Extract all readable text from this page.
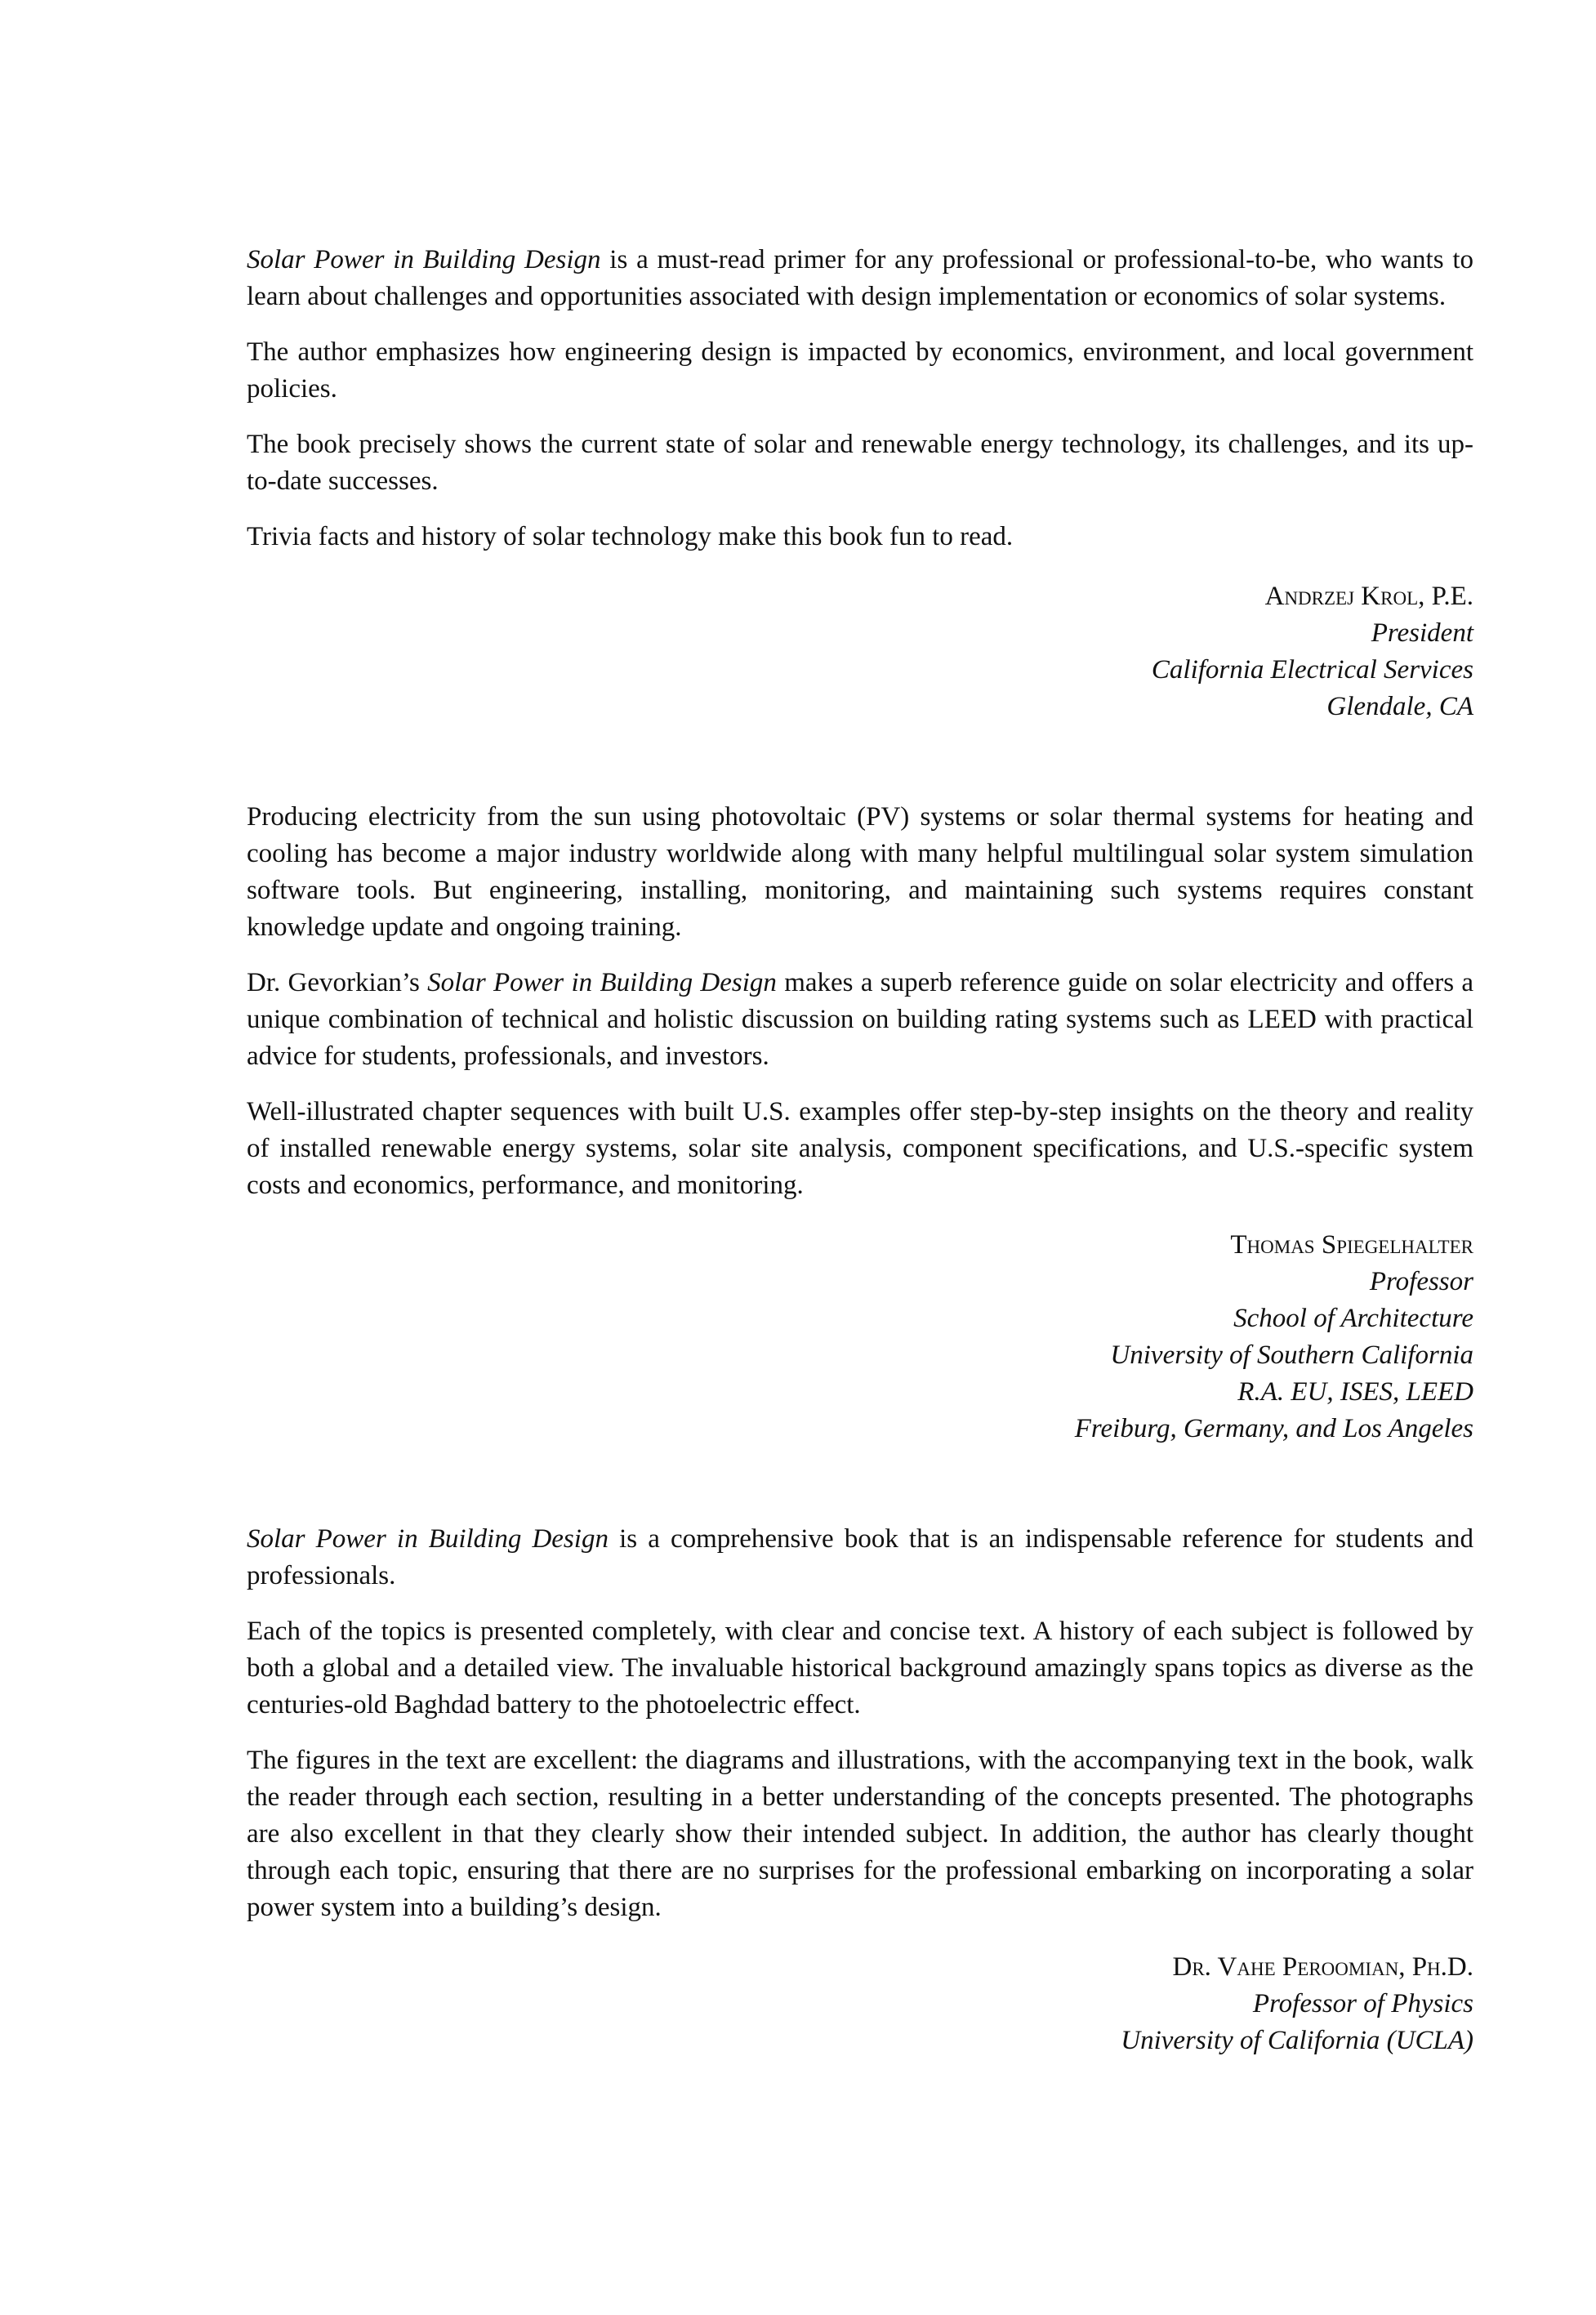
Solar Power in Building Design is a must-read primer for any professional or professional-to-be, who wants to learn about challenges and opportunities associated with design implementation or economics of solar systems.

The author emphasizes how engineering design is impacted by economics, environment, and local government policies.

The book precisely shows the current state of solar and renewable energy technology, its challenges, and its up-to-date successes.

Trivia facts and history of solar technology make this book fun to read.

Andrzej Krol, P.E.
President
California Electrical Services
Glendale, CA

Producing electricity from the sun using photovoltaic (PV) systems or solar thermal systems for heating and cooling has become a major industry worldwide along with many helpful multilingual solar system simulation software tools. But engineering, installing, monitoring, and maintaining such systems requires constant knowledge update and ongoing training.

Dr. Gevorkian’s Solar Power in Building Design makes a superb reference guide on solar electricity and offers a unique combination of technical and holistic discussion on building rating systems such as LEED with practical advice for students, professionals, and investors.

Well-illustrated chapter sequences with built U.S. examples offer step-by-step insights on the theory and reality of installed renewable energy systems, solar site analysis, component specifications, and U.S.-specific system costs and economics, performance, and monitoring.

Thomas Spiegelhalter
Professor
School of Architecture
University of Southern California
R.A. EU, ISES, LEED
Freiburg, Germany, and Los Angeles

Solar Power in Building Design is a comprehensive book that is an indispensable reference for students and professionals.

Each of the topics is presented completely, with clear and concise text. A history of each subject is followed by both a global and a detailed view. The invaluable historical background amazingly spans topics as diverse as the centuries-old Baghdad battery to the photoelectric effect.

The figures in the text are excellent: the diagrams and illustrations, with the accompanying text in the book, walk the reader through each section, resulting in a better understanding of the concepts presented. The photographs are also excellent in that they clearly show their intended subject. In addition, the author has clearly thought through each topic, ensuring that there are no surprises for the professional embarking on incorporating a solar power system into a building’s design.

Dr. Vahe Peroomian, Ph.D.
Professor of Physics
University of California (UCLA)
